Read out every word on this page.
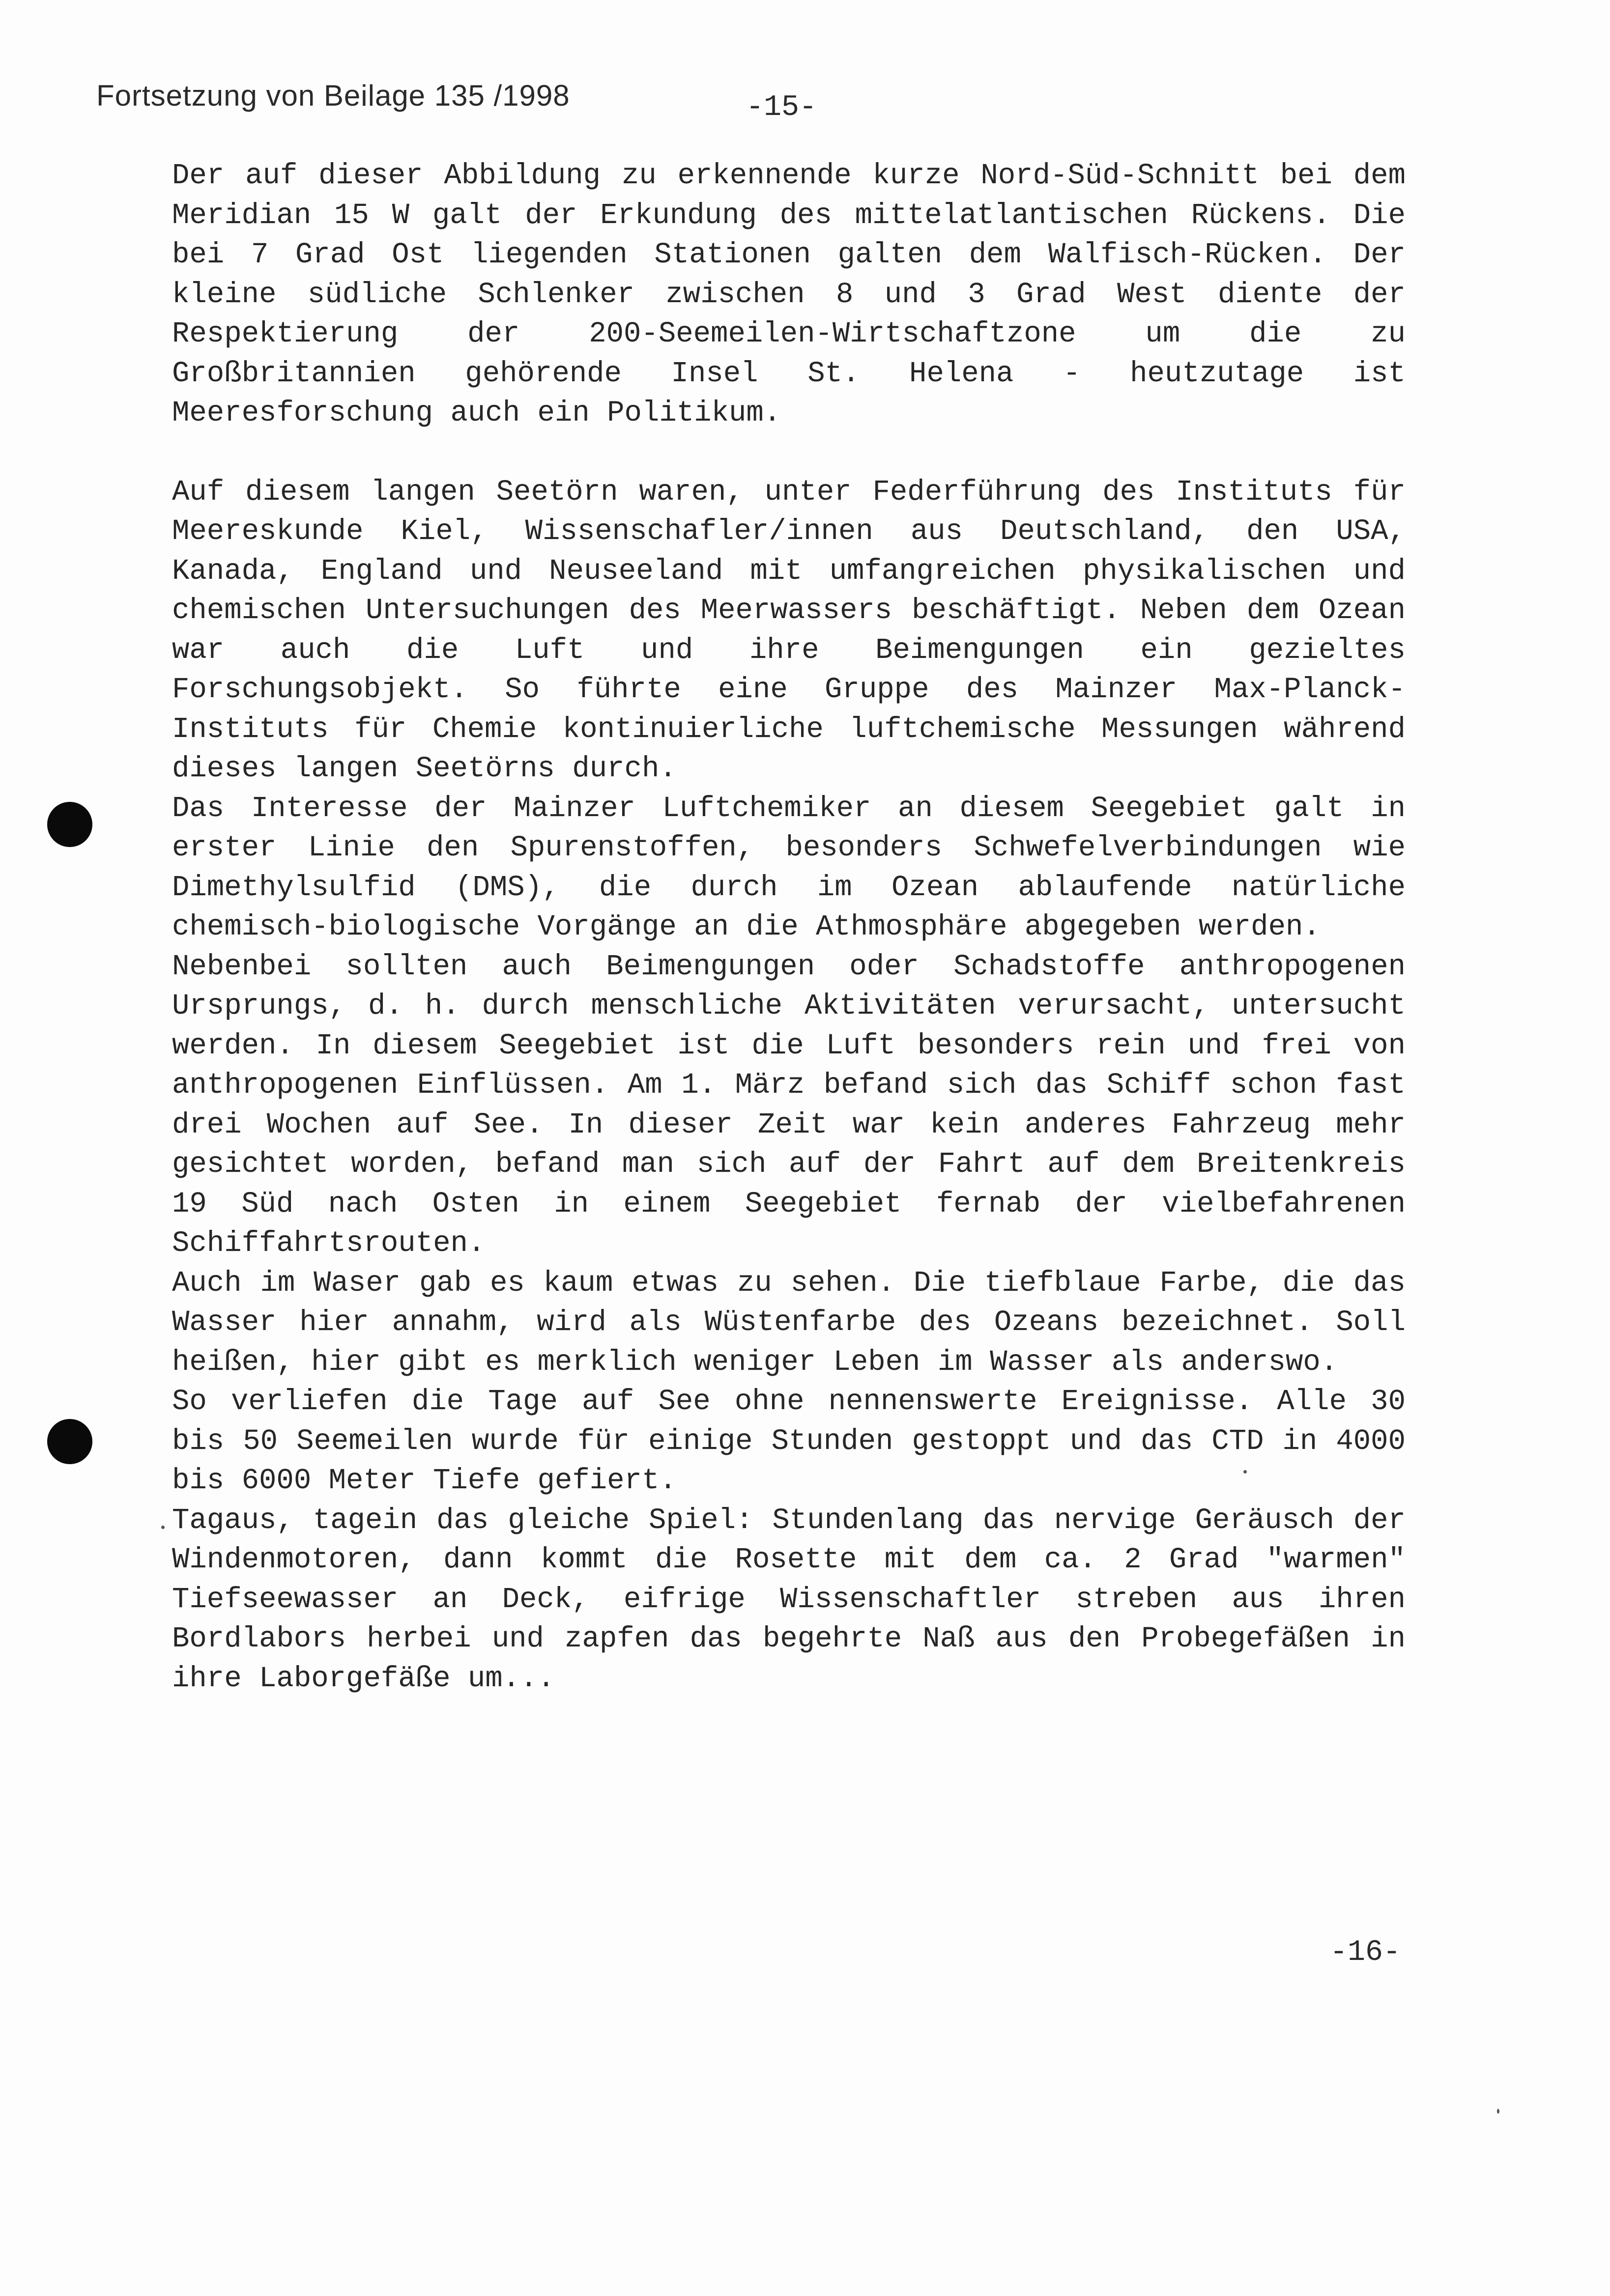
Fortsetzung von Beilage 135 /1998	-15-

Der auf dieser Abbildung zu erkennende kurze Nord-Süd-Schnitt bei dem Meridian 15 W galt der Erkundung des mittelatlantischen Rückens. Die bei 7 Grad Ost liegenden Stationen galten dem Walfisch-Rücken. Der kleine südliche Schlenker zwischen 8 und 3 Grad West diente der Respektierung der 200-Seemeilen-Wirtschaftzone um die zu Großbritannien gehörende Insel St. Helena - heutzutage ist Meeresforschung auch ein Politikum.

Auf diesem langen Seetörn waren, unter Federführung des Instituts für Meereskunde Kiel, Wissenschafler/innen aus Deutschland, den USA, Kanada, England und Neuseeland mit umfangreichen physikalischen und chemischen Untersuchungen des Meerwassers beschäftigt. Neben dem Ozean war auch die Luft und ihre Beimengungen ein gezieltes Forschungsobjekt. So führte eine Gruppe des Mainzer Max-Planck-Instituts für Chemie kontinuierliche luftchemische Messungen während dieses langen Seetörns durch.

Das Interesse der Mainzer Luftchemiker an diesem Seegebiet galt in erster Linie den Spurenstoffen, besonders Schwefelverbindungen wie Dimethylsulfid (DMS), die durch im Ozean ablaufende natürliche chemisch-biologische Vorgänge an die Athmosphäre abgegeben werden.

Nebenbei sollten auch Beimengungen oder Schadstoffe anthropogenen Ursprungs, d. h. durch menschliche Aktivitäten verursacht, untersucht werden. In diesem Seegebiet ist die Luft besonders rein und frei von anthropogenen Einflüssen. Am 1. März befand sich das Schiff schon fast drei Wochen auf See. In dieser Zeit war kein anderes Fahrzeug mehr gesichtet worden, befand man sich auf der Fahrt auf dem Breitenkreis 19 Süd nach Osten in einem Seegebiet fernab der vielbefahrenen Schiffahrtsrouten.

Auch im Waser gab es kaum etwas zu sehen. Die tiefblaue Farbe, die das Wasser hier annahm, wird als Wüstenfarbe des Ozeans bezeichnet. Soll heißen, hier gibt es merklich weniger Leben im Wasser als anderswo.

So verliefen die Tage auf See ohne nennenswerte Ereignisse. Alle 30 bis 50 Seemeilen wurde für einige Stunden gestoppt und das CTD in 4000 bis 6000 Meter Tiefe gefiert.

Tagaus, tagein das gleiche Spiel: Stundenlang das nervige Geräusch der Windenmotoren, dann kommt die Rosette mit dem ca. 2 Grad "warmen" Tiefseewasser an Deck, eifrige Wissenschaftler streben aus ihren Bordlabors herbei und zapfen das begehrte Naß aus den Probegefäßen in ihre Laborgefäße um...

-16-
